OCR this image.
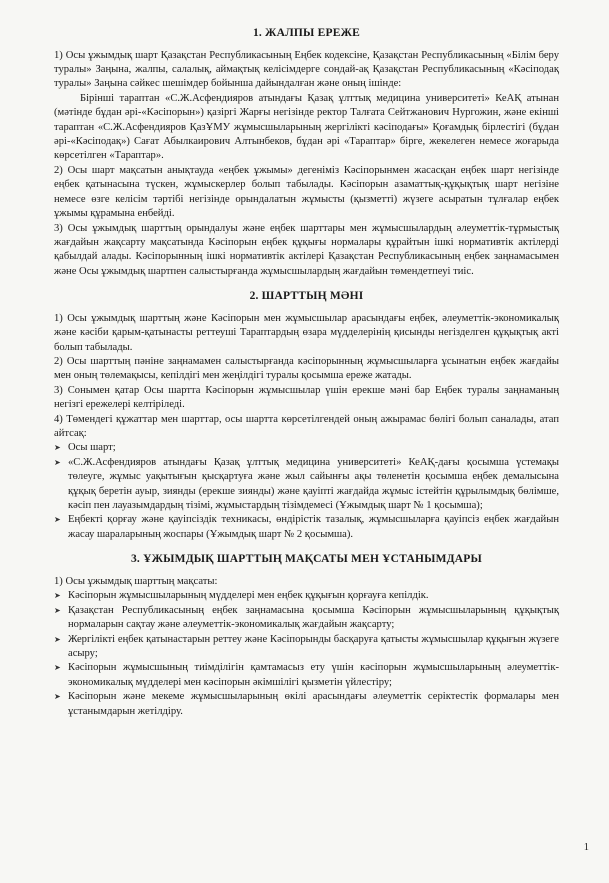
1. ЖАЛПЫ ЕРЕЖЕ

1) Осы ұжымдық шарт Қазақстан Республикасының Еңбек кодексіне, Қазақстан Республикасының «Білім беру туралы» Заңына, жалпы, салалық, аймақтық келісімдерге сондай-ақ Қазақстан Республикасының «Кәсіподақ туралы» Заңына сәйкес шешімдер бойынша дайындалған және оның ішінде:

Бірінші тараптан «С.Ж.Асфендияров атындағы Қазақ ұлттық медицина университеті» КеАҚ атынан (мәтінде бұдан әрі-«Кәсіпорын») қазіргі Жарғы негізінде ректор Талғата Сейтжанович Нургожин, және екінші тараптан «С.Ж.Асфендияров ҚазҰМУ жұмысшыларының жергілікті кәсіподағы» Қоғамдық бірлестігі (бұдан әрі-«Кәсіподақ») Сағат Абылкаирович Алтынбеков, бұдан әрі «Тараптар» бірге, жекелеген немесе жоғарыда көрсетілген «Тараптар».

2) Осы шарт мақсатын анықтауда «еңбек ұжымы» дегеніміз Кәсіпорынмен жасасқан еңбек шарт негізінде еңбек қатынасына түскен, жұмыскерлер болып табылады. Кәсіпорын азаматтық-құқықтық шарт негізіне немесе өзге келісім тәртібі негізінде орындалатын жұмысты (қызметті) жүзеге асыратын тұлғалар еңбек ұжымы құрамына енбейді.

3) Осы ұжымдық шарттың орындалуы және еңбек шарттары мен жұмысшылардың әлеуметтік-тұрмыстық жағдайын жақсарту мақсатында Кәсіпорын еңбек құқығы нормалары құрайтын ішкі нормативтік актілерді қабылдай алады. Кәсіпорынның ішкі нормативтік актілері Қазақстан Республикасының еңбек заңнамасымен және Осы ұжымдық шартпен салыстырғанда жұмысшылардың жағдайын төмендетпеуі тиіс.

2. ШАРТТЫҢ МӘНІ

1) Осы ұжымдық шарттың және Кәсіпорын мен жұмысшылар арасындағы еңбек, әлеуметтік-экономикалық және кәсіби қарым-қатынасты реттеуші Тараптардың өзара мүдделерінің қисынды негізделген құқықтық акті болып табылады.

2) Осы шарттың пәніне заңнамамен салыстырғанда кәсіпорынның жұмысшыларға ұсынатын еңбек жағдайы мен оның төлемақысы, кепілдігі мен жеңілдігі туралы қосымша ереже жатады.

3) Сонымен қатар Осы шартта Кәсіпорын жұмысшылар үшін ерекше мәні бар Еңбек туралы заңнаманың негізгі ережелері келтіріледі.

4) Төмендегі құжаттар мен шарттар, осы шартта көрсетілгендей оның ажырамас бөлігі болып саналады, атап айтсақ:

➤ Осы шарт;
➤ «С.Ж.Асфендияров атындағы Қазақ ұлттық медицина университеті» КеАҚ-дағы қосымша үстемақы төлеуге, жұмыс уақытығын қысқартуға және жыл сайынғы ақы төленетін қосымша еңбек демалысына құқық беретін ауыр, зиянды (ерекше зиянды) және қауіпті жағдайда жұмыс істейтін құрылымдық бөлімше, кәсіп пен лауазымдардың тізімі, жұмыстардың тізімдемесі (Ұжымдық шарт № 1 қосымша);
➤ Еңбекті қорғау және қауіпсіздік техникасы, өндірістік тазалық, жұмысшыларға қауіпсіз еңбек жағдайын жасау шараларының жоспары (Ұжымдық шарт № 2 қосымша).
3. ҰЖЫМДЫҚ ШАРТТЫҢ МАҚСАТЫ МЕН ҰСТАНЫМДАРЫ

1) Осы ұжымдық шарттың мақсаты:

➤ Кәсіпорын жұмысшыларының мүдделері мен еңбек құқығын қорғауға кепілдік.
➤ Қазақстан Республикасының еңбек заңнамасына қосымша Кәсіпорын жұмысшыларының құқықтық нормаларын сақтау және әлеуметтік-экономикалық жағдайын жақсарту;
➤ Жергілікті еңбек қатынастарын реттеу және Кәсіпорынды басқаруға қатысты жұмысшылар құқығын жүзеге асыру;
➤ Кәсіпорын жұмысшының тиімділігін қамтамасыз ету үшін кәсіпорын жұмысшыларының әлеуметтік-экономикалық мүдделері мен кәсіпорын әкімшілігі қызметін үйлестіру;
➤ Кәсіпорын және мекеме жұмысшыларының өкілі арасындағы әлеуметтік серіктестік формалары мен ұстанымдарын жетілдіру.
1
